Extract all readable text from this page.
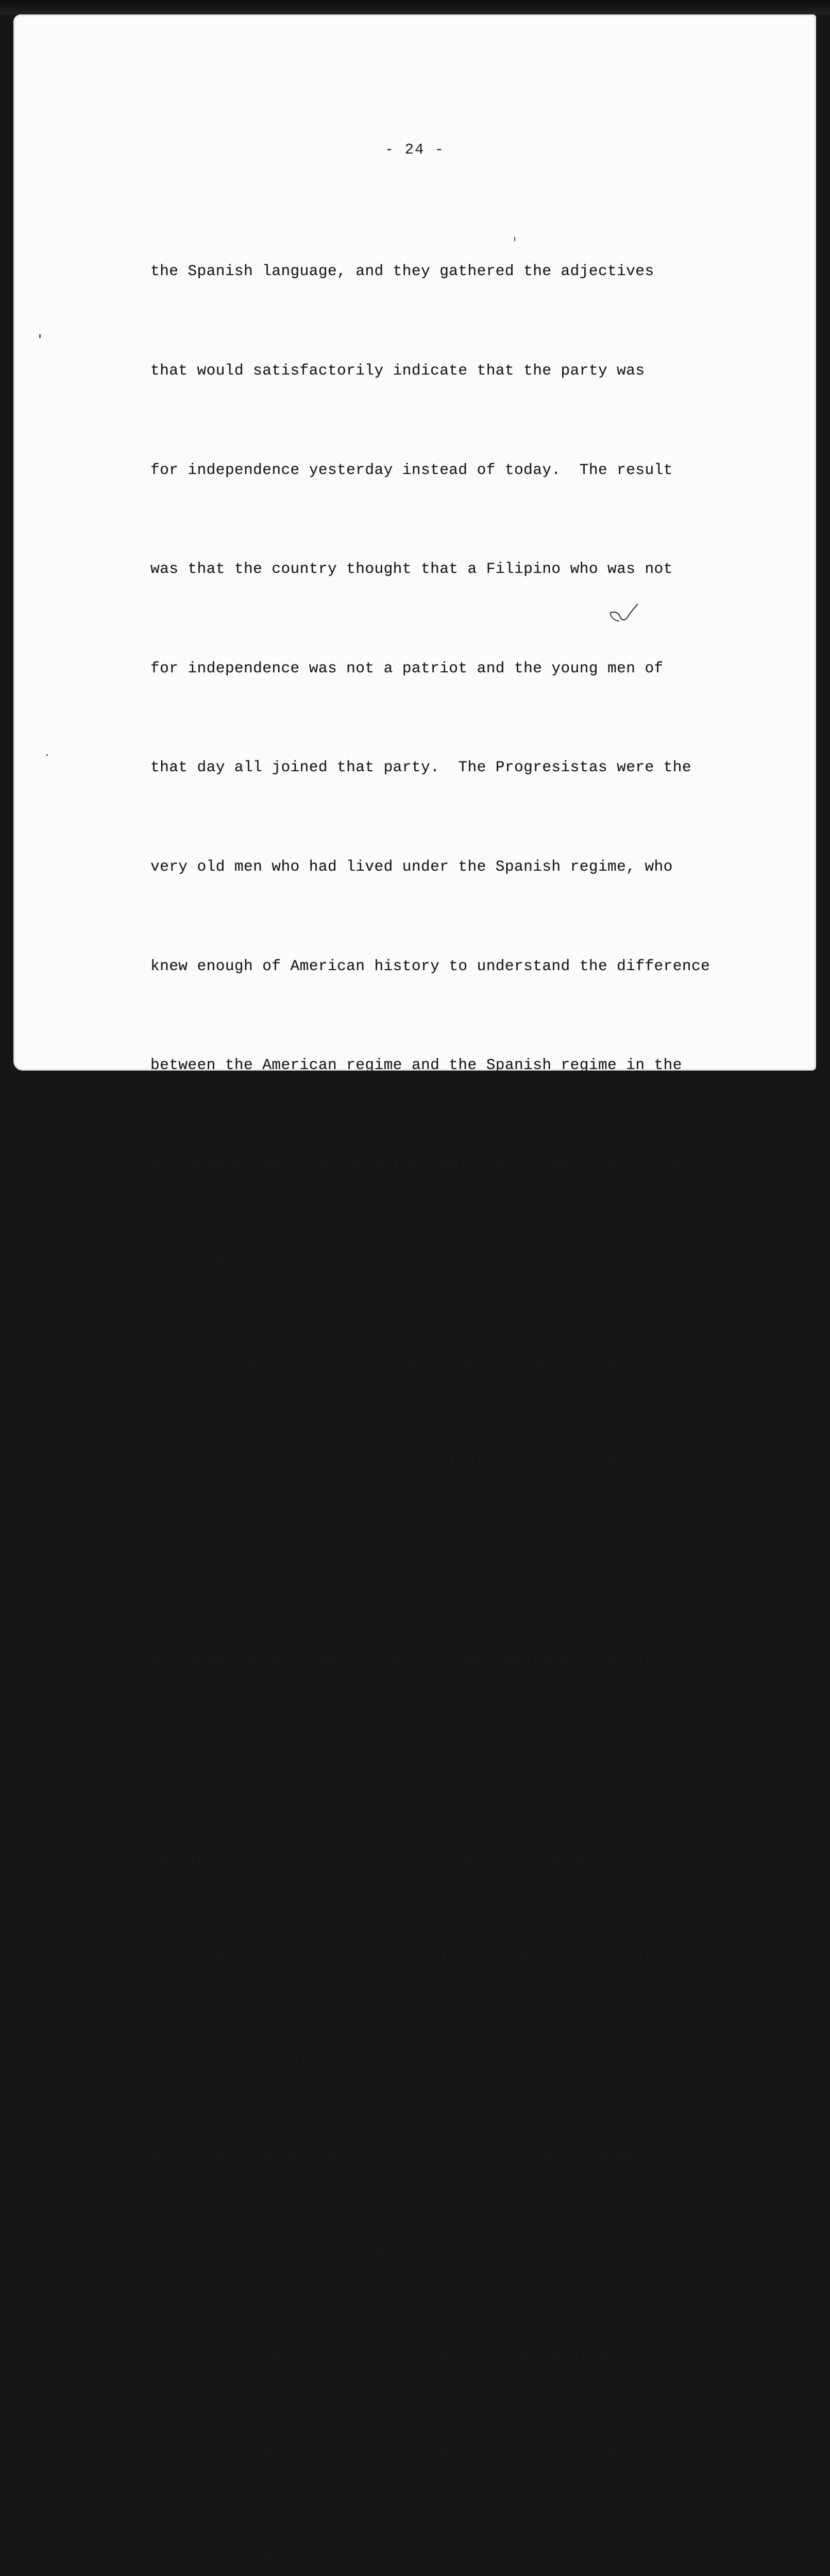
- 24 -

the Spanish language, and they gathered the adjectives

that would satisfactorily indicate that the party was

for independence yesterday instead of today.  The result

was that the country thought that a Filipino who was not

for independence was not a patriot and the young men of

that day all joined that party.  The Progresistas were the

very old men who had lived under the Spanish regime, who

knew enough of American history to understand the difference

between the American regime and the Spanish regime in the

Philippines and they were favorably  disposed towards the

United States.  Now, the young men did not know anything

about America.  I, for instance knew of America only as

represented by the soldiers who tried to kill as many as

they could.  I had not read the American history except

as taught in my school, and my school being a catholic

school and America being a protestant, by gosh! you could

imagine what they told me about the United States.  (Laugh-

ter.)  And added to the story of that autocratic society

was the fact that during the Revolution the American sol-

diers were in general hostile to us, so the young men

joined the Nacionalista Party sincerely, agressively, and

those young men easily won.  They all got together.  But

there was one exception to those young men, and that is

Juan Sumulong.
